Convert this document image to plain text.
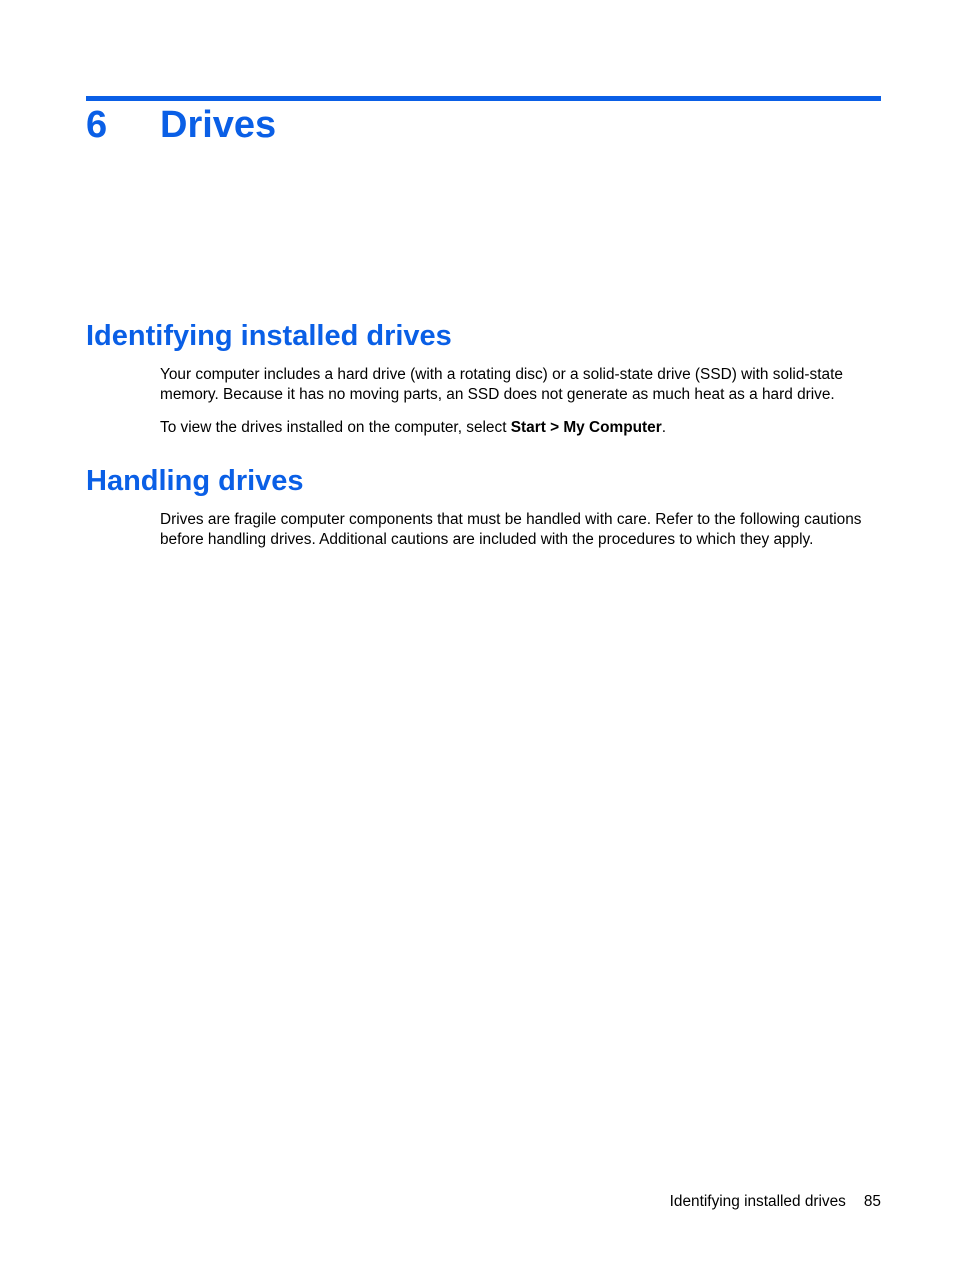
6 Drives
Identifying installed drives

Your computer includes a hard drive (with a rotating disc) or a solid-state drive (SSD) with solid-state memory. Because it has no moving parts, an SSD does not generate as much heat as a hard drive.

To view the drives installed on the computer, select Start > My Computer.

Handling drives

Drives are fragile computer components that must be handled with care. Refer to the following cautions before handling drives. Additional cautions are included with the procedures to which they apply.

Identifying installed drives 85
